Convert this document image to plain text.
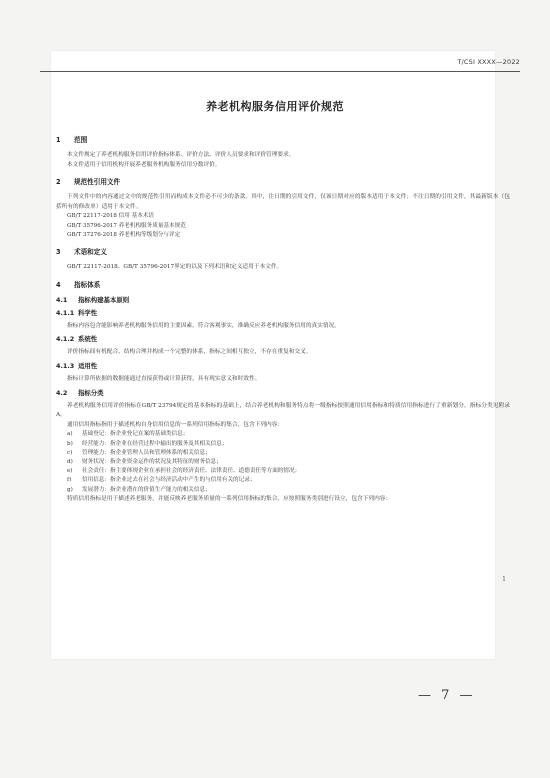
T/CSI XXXX—2022
养老机构服务信用评价规范
1 范围

本文件规定了养老机构服务信用评价指标体系、评价方法、评价人员要求和评价管理要求。

本文件适用于信用机构开展养老服务机构服务信用分数评价。

2 规范性引用文件

下列文件中的内容通过文中的规范性引用而构成本文件必不可少的条款。其中，注日期的引用文件，仅该日期对应的版本适用于本文件；不注日期的引用文件，其最新版本（包括所有的修改单）适用于本文件。

GB/T 22117-2018 信用 基本术语
GB/T 35796-2017 养老机构服务质量基本规范
GB/T 37276-2018 养老机构等级划分与评定
3 术语和定义

GB/T 22117-2018、GB/T 35796-2017界定的以及下列术语和定义适用于本文件。

4 指标体系
4.1 指标构建基本原则
4.1.1 科学性

指标内容包含能影响养老机构服务信用的主要因素，符合客观事实，准确反应养老机构服务信用的真实情况。

4.1.2 系统性

评价指标间有机配合、结构合理并构成一个完整的体系，指标之间相互独立，不存在重复和交叉。

4.1.3 适用性

指标计算所依据的数据能通过直接获得或计算获得，具有现实意义和时效性。

4.2 指标分类

养老机构服务信用评价指标在GB/T 23794规定的基本指标的基础上，结合养老机构和服务特点将一级指标按照通用信用指标和特质信用指标进行了重新划分，指标分类见附录A。

通用信用指标指用于描述机构自身信用信息的一系列信用指标的集合，包含下列内容：

a)	基础登记：指企业登记在案的基础类信息；
b)	经营能力：指企业在经营过程中输出的服务及其相关信息；
c)	管理能力：指企业管理人员和管理体系的相关信息；
d)	财务状况：指企业资金运作的状况及其特征的财务信息；
e)	社会责任：指主要体现企业在承担社会的经济责任、法律责任、道德责任等方面的情况；
f)	信用信息：指企业过去在社会与经济活动中产生的与信用有关的记录；
g)	发展潜力：指企业潜在的价值生产能力的相关信息；

特质信用指标是用于描述养老服务，并能反映养老服务质量的一系列信用指标的集合，应按照服务类别进行设立，包含下列内容：

1
— 7 —
